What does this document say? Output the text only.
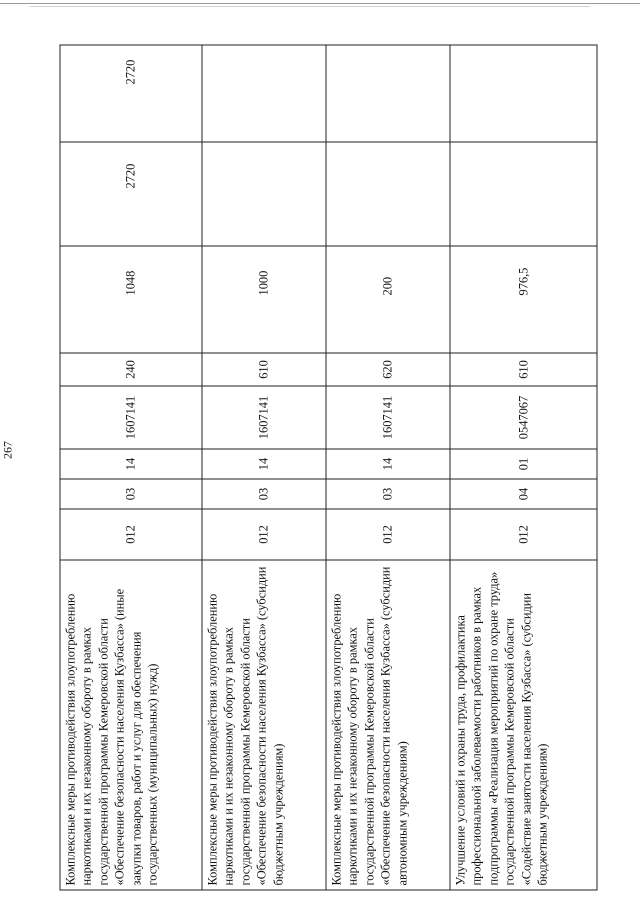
267
Комплексные меры противодействия злоупотреблению наркотиками и их незаконному обороту в рамках государственной программы Кемеровской области «Обеспечение безопасности населения Кузбасса» (иные закупки товаров, работ и услуг для обеспечения государственных (муниципальных) нужд)	012	03	14	1607141	240	1048	2720	2720
Комплексные меры противодействия злоупотреблению наркотиками и их незаконному обороту в рамках государственной программы Кемеровской области «Обеспечение безопасности населения Кузбасса» (субсидии бюджетным учреждениям)	012	03	14	1607141	610	1000		
Комплексные меры противодействия злоупотреблению наркотиками и их незаконному обороту в рамках государственной программы Кемеровской области «Обеспечение безопасности населения Кузбасса» (субсидии автономным учреждениям)	012	03	14	1607141	620	200		
Улучшение условий и охраны труда, профилактика профессиональной заболеваемости работников в рамках подпрограммы «Реализация мероприятий по охране труда» государственной программы Кемеровской области «Содействие занятости населения Кузбасса» (субсидии бюджетным учреждениям)	012	04	01	0547067	610	976,5		
